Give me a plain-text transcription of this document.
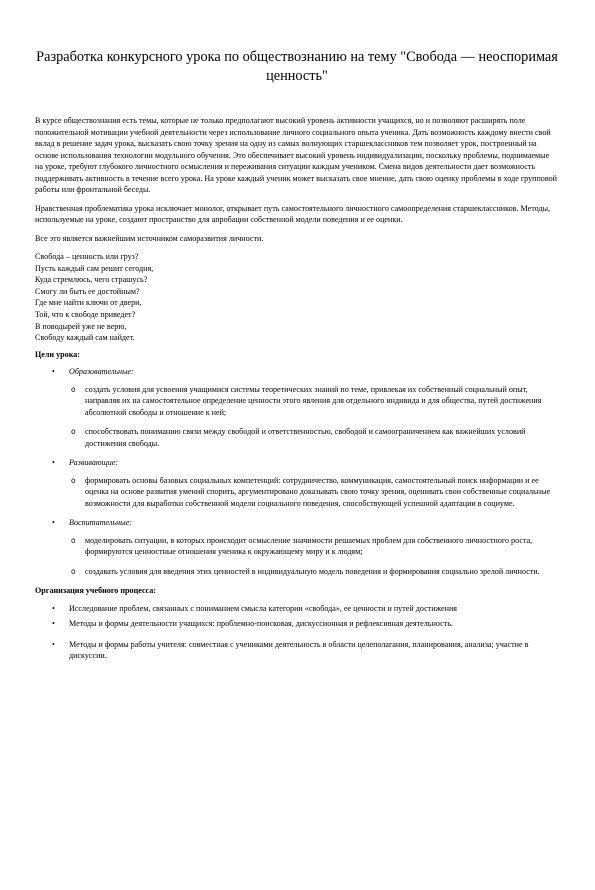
Разработка конкурсного урока по обществознанию на тему "Свобода — неоспоримая ценность"

В курсе обществознания есть темы, которые не только предполагают высокий уровень активности учащихся, но и позволяют расширять поле положительной мотивации учебной деятельности через использование личного социального опыта ученика. Дать возможность каждому внести свой вклад в решение задач урока, высказать свою точку зрения на одну из самых волнующих старшеклассников тем позволяет урок, построенный на основе использования технологии модульного обучения. Это обеспечивает высокий уровень индивидуализации, поскольку проблемы, поднимаемые на уроке, требуют глубокого личностного осмысления и переживания ситуации каждым учеником. Смена видов деятельности дает возможность поддерживать активность в течение всего урока. На уроке каждый ученик может высказать свое мнение, дать свою оценку проблемы в ходе групповой работы или фронтальной беседы.

Нравственная проблематика урока исключает монолог, открывает путь самостоятельного личностного самоопределения старшеклассников. Методы, используемые на уроке, создают пространство для апробации собственной модели поведения и ее оценки.

Все это является важнейшим источником саморазвития личности.

Свобода – ценность или груз?
Пусть каждый сам решит сегодня,
Куда стремлюсь, чего страшусь?
Смогу ли быть ее достойным?
Где мне найти ключи от двери,
Той, что к свободе приведет?
В поводырей уже не верю,
Свободу каждый сам найдет.
Цели урока:
• Образовательные:
o создать условия для усвоения учащимися системы теоретических знаний по теме, привлекая их собственный социальный опыт, направляя их на самостоятельное определение ценности этого явления для отдельного индивида и для общества, путей достижения абсолютной свободы и отношение к ней;
o способствовать пониманию связи между свободой и ответственностью, свободой и самоограничением как важнейших условий достижения свободы.
• Развивающие:
o формировать основы базовых социальных компетенций: сотрудничество, коммуникация, самостоятельный поиск информации и ее оценка на основе развития умений спорить, аргументировано доказывать свою точку зрения, оценивать свои собственные социальные возможности для выработки собственной модели социального поведения, способствующей успешной адаптации в социуме.
• Воспитательные:
o моделировать ситуации, в которых происходит осмысление значимости решаемых проблем для собственного личностного роста, формируются ценностные отношения ученика к окружающему миру и к людям;
o создавать условия для введения этих ценностей в индивидуальную модель поведения и формирования социально зрелой личности.
Организация учебного процесса:
• Исследование проблем, связанных с пониманием смысла категории «свобода», ее ценности и путей достижения
• Методы и формы деятельности учащихся: проблемно-поисковая, дискуссионная и рефлексивная деятельность.
• Методы и формы работы учителя: совместная с учениками деятельность в области целеполагания, планирования, анализа; участие в дискуссии.
